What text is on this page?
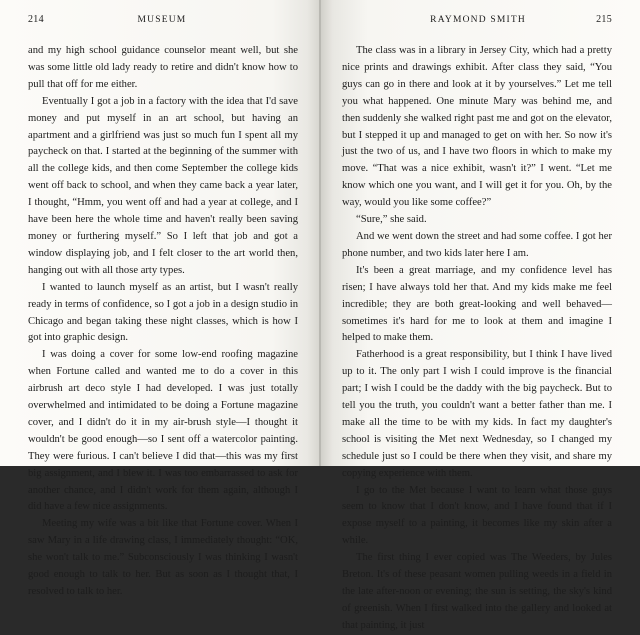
214	MUSEUM

and my high school guidance counselor meant well, but she was some little old lady ready to retire and didn't know how to pull that off for me either.

Eventually I got a job in a factory with the idea that I'd save money and put myself in an art school, but having an apartment and a girlfriend was just so much fun I spent all my paycheck on that. I started at the beginning of the summer with all the college kids, and then come September the college kids went off back to school, and when they came back a year later, I thought, “Hmm, you went off and had a year at college, and I have been here the whole time and haven't really been saving money or furthering myself.” So I left that job and got a window displaying job, and I felt closer to the art world then, hanging out with all those arty types.

I wanted to launch myself as an artist, but I wasn't really ready in terms of confidence, so I got a job in a design studio in Chicago and began taking these night classes, which is how I got into graphic design.

I was doing a cover for some low-end roofing magazine when Fortune called and wanted me to do a cover in this airbrush art deco style I had developed. I was just totally overwhelmed and intimidated to be doing a Fortune magazine cover, and I didn't do it in my air-brush style—I thought it wouldn't be good enough—so I sent off a watercolor painting. They were furious. I can't believe I did that—this was my first big assignment, and I blew it. I was too embarrassed to ask for another chance, and I didn't work for them again, although I did have a few nice assignments.

Meeting my wife was a bit like that Fortune cover. When I saw Mary in a life drawing class, I immediately thought: “OK, she won't talk to me.” Subconsciously I was thinking I wasn't good enough to talk to her. But as soon as I thought that, I resolved to talk to her.

RAYMOND SMITH	215

The class was in a library in Jersey City, which had a pretty nice prints and drawings exhibit. After class they said, “You guys can go in there and look at it by yourselves.” Let me tell you what happened. One minute Mary was behind me, and then suddenly she walked right past me and got on the elevator, but I stepped it up and managed to get on with her. So now it's just the two of us, and I have two floors in which to make my move. “That was a nice exhibit, wasn't it?” I went. “Let me know which one you want, and I will get it for you. Oh, by the way, would you like some coffee?”

“Sure,” she said.

And we went down the street and had some coffee. I got her phone number, and two kids later here I am.

It's been a great marriage, and my confidence level has risen; I have always told her that. And my kids make me feel incredible; they are both great-looking and well behaved—sometimes it's hard for me to look at them and imagine I helped to make them.

Fatherhood is a great responsibility, but I think I have lived up to it. The only part I wish I could improve is the financial part; I wish I could be the daddy with the big paycheck. But to tell you the truth, you couldn't want a better father than me. I make all the time to be with my kids. In fact my daughter's school is visiting the Met next Wednesday, so I changed my schedule just so I could be there when they visit, and share my copying experience with them.

I go to the Met because I want to learn what those guys seem to know that I don't know, and I have found that if I expose myself to a painting, it becomes like my skin after a while.

The first thing I ever copied was The Weeders, by Jules Breton. It's of these peasant women pulling weeds in a field in the late after-noon or evening; the sun is setting, the sky's kind of greenish. When I first walked into the gallery and looked at that painting, it just
